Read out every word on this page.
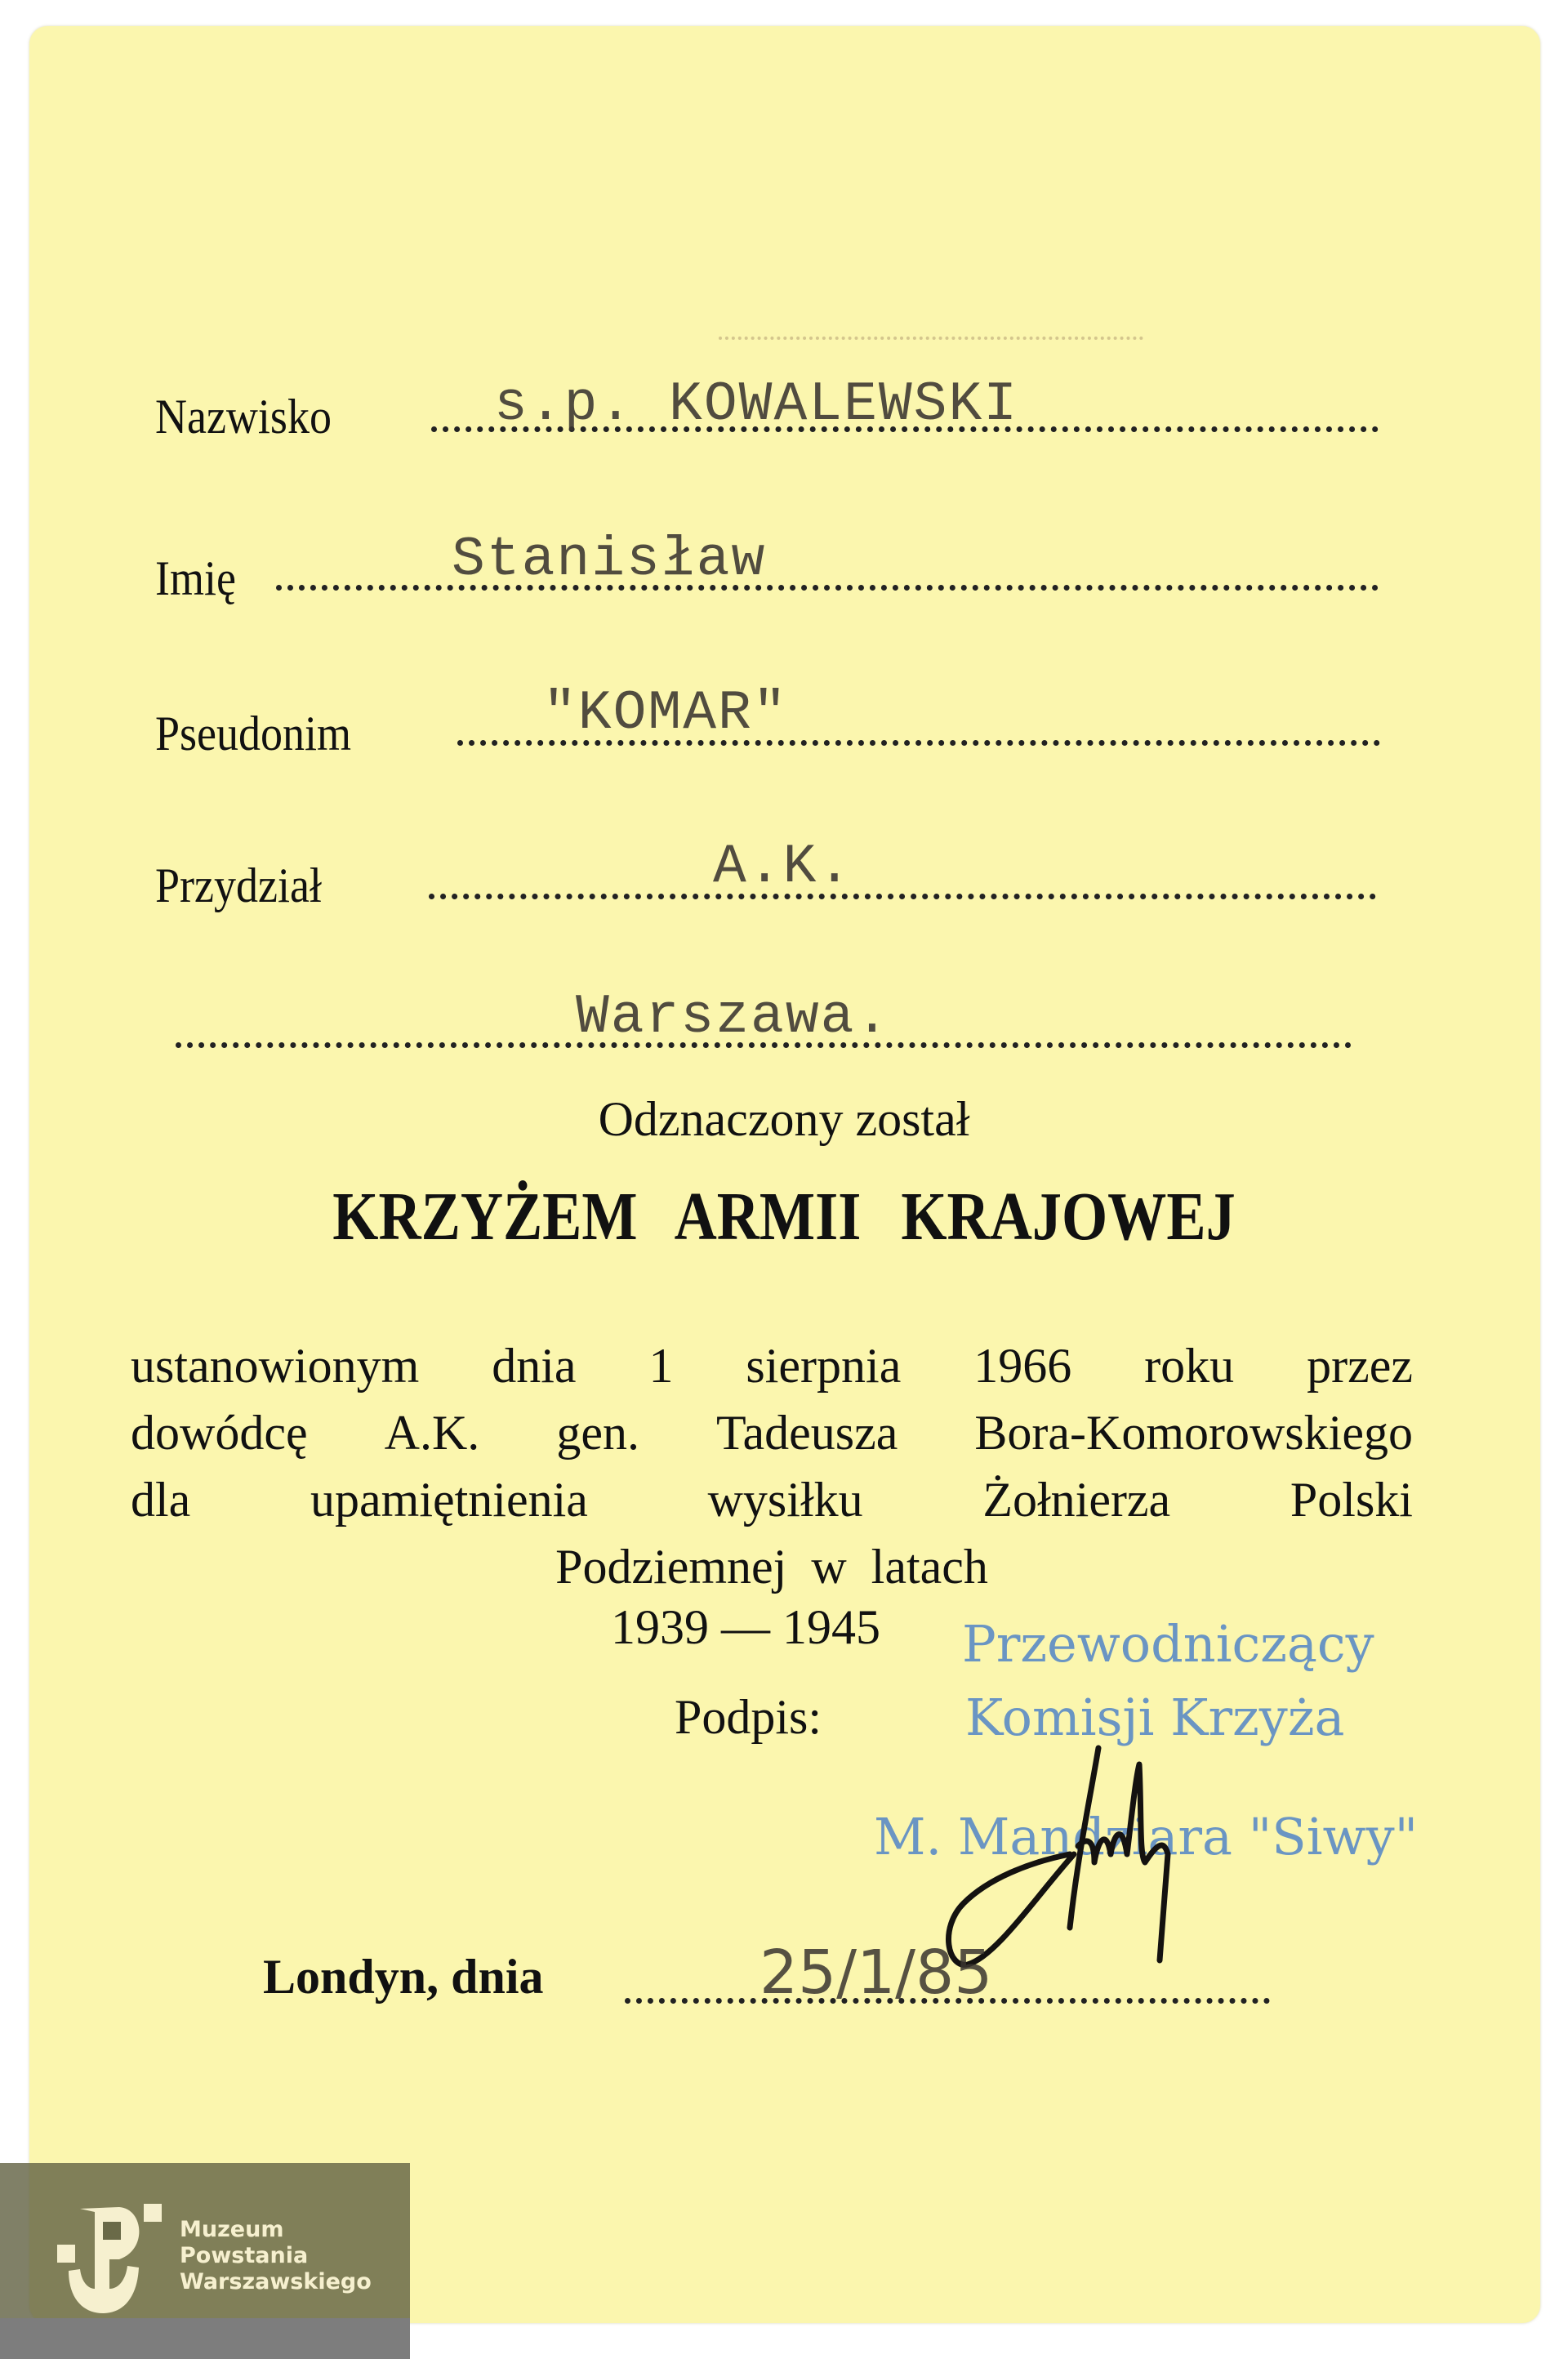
Nazwisko	s.p. KOWALEWSKI
Imię	Stanisław
Pseudonim	"KOMAR"
Przydział	A.K.
Warszawa.
Odznaczony został
KRZYŻEM ARMII KRAJOWEJ
ustanowionym dnia 1 sierpnia 1966 roku przez
dowódcę A.K. gen. Tadeusza Bora-Komorowskiego
dla upamiętnienia wysiłku Żołnierza Polski
Podziemnej  w  latach
1939 — 1945 Przewodniczący
Komisji Krzyża
M. Mandziara "Siwy"
Podpis:
Londyn, dnia	25/1/85
Muzeum
Powstania
Warszawskiego
